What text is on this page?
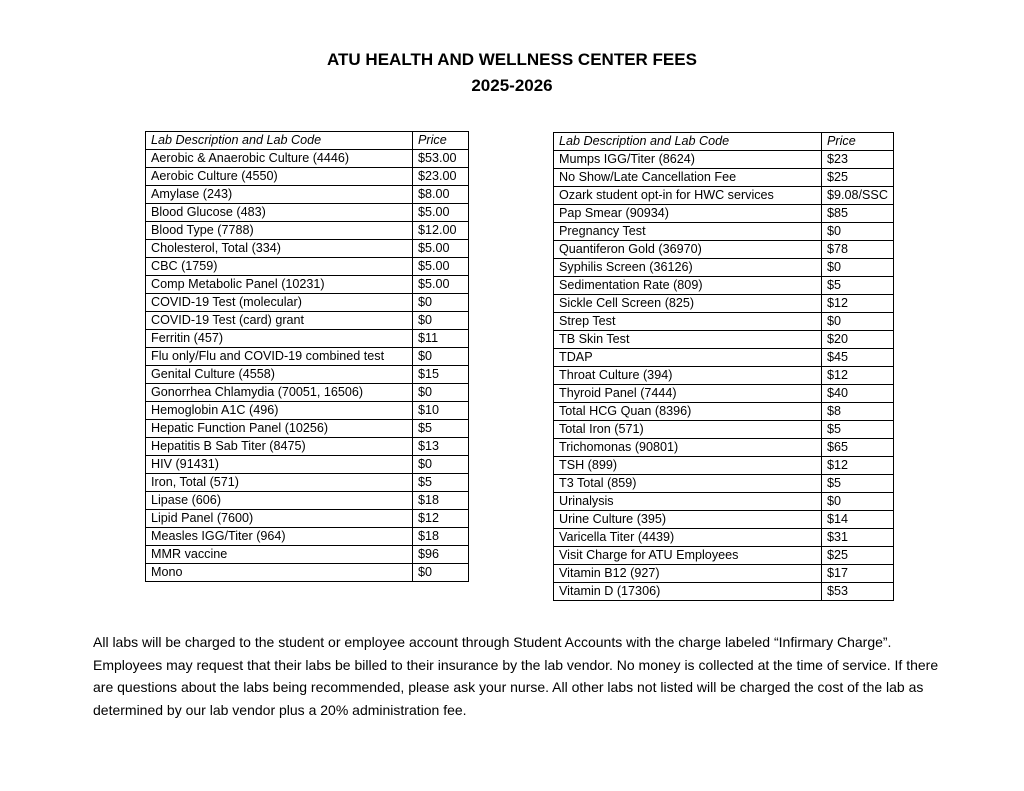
ATU HEALTH AND WELLNESS CENTER FEES
2025-2026
Lab Description and Lab Code	Price
Aerobic & Anaerobic Culture (4446)	$53.00
Aerobic Culture (4550)	$23.00
Amylase (243)	$8.00
Blood Glucose (483)	$5.00
Blood Type (7788)	$12.00
Cholesterol, Total (334)	$5.00
CBC (1759)	$5.00
Comp Metabolic Panel (10231)	$5.00
COVID-19 Test (molecular)	$0
COVID-19 Test (card) grant	$0
Ferritin (457)	$11
Flu only/Flu and COVID-19 combined test	$0
Genital Culture (4558)	$15
Gonorrhea Chlamydia (70051, 16506)	$0
Hemoglobin A1C (496)	$10
Hepatic Function Panel (10256)	$5
Hepatitis B Sab Titer (8475)	$13
HIV (91431)	$0
Iron, Total (571)	$5
Lipase (606)	$18
Lipid Panel (7600)	$12
Measles IGG/Titer (964)	$18
MMR vaccine	$96
Mono	$0
Lab Description and Lab Code	Price
Mumps IGG/Titer (8624)	$23
No Show/Late Cancellation Fee	$25
Ozark student opt-in for HWC services	$9.08/SSC
Pap Smear (90934)	$85
Pregnancy Test	$0
Quantiferon Gold (36970)	$78
Syphilis Screen (36126)	$0
Sedimentation Rate (809)	$5
Sickle Cell Screen (825)	$12
Strep Test	$0
TB Skin Test	$20
TDAP	$45
Throat Culture (394)	$12
Thyroid Panel (7444)	$40
Total HCG Quan (8396)	$8
Total Iron (571)	$5
Trichomonas (90801)	$65
TSH (899)	$12
T3 Total (859)	$5
Urinalysis	$0
Urine Culture (395)	$14
Varicella Titer (4439)	$31
Visit Charge for ATU Employees	$25
Vitamin B12 (927)	$17
Vitamin D (17306)	$53
All labs will be charged to the student or employee account through Student Accounts with the charge labeled “Infirmary Charge”. Employees may request that their labs be billed to their insurance by the lab vendor. No money is collected at the time of service. If there are questions about the labs being recommended, please ask your nurse. All other labs not listed will be charged the cost of the lab as determined by our lab vendor plus a 20% administration fee.
